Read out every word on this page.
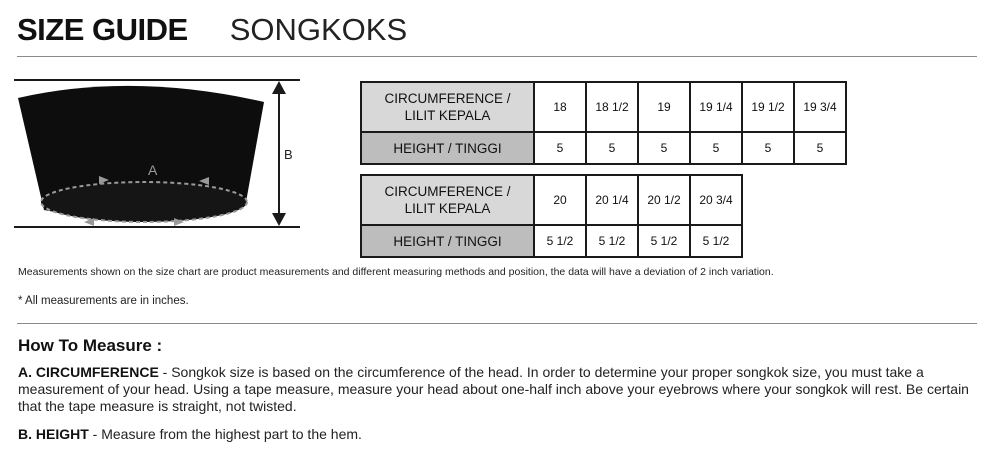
SIZE GUIDE SONGKOKS
A
B
CIRCUMFERENCE /
LILIT KEPALA	18	18 1/2	19	19 1/4	19 1/2	19 3/4
HEIGHT / TINGGI	5	5	5	5	5	5
CIRCUMFERENCE /
LILIT KEPALA	20	20 1/4	20 1/2	20 3/4
HEIGHT / TINGGI	5 1/2	5 1/2	5 1/2	5 1/2
Measurements shown on the size chart are product measurements and different measuring methods and position, the data will have a deviation of 2 inch variation.
* All measurements are in inches.
How To Measure :
A. CIRCUMFERENCE - Songkok size is based on the circumference of the head. In order to determine your proper songkok size, you must take a measurement of your head. Using a tape measure, measure your head about one-half inch above your eyebrows where your songkok will rest. Be certain that the tape measure is straight, not twisted.
B. HEIGHT - Measure from the highest part to the hem.
